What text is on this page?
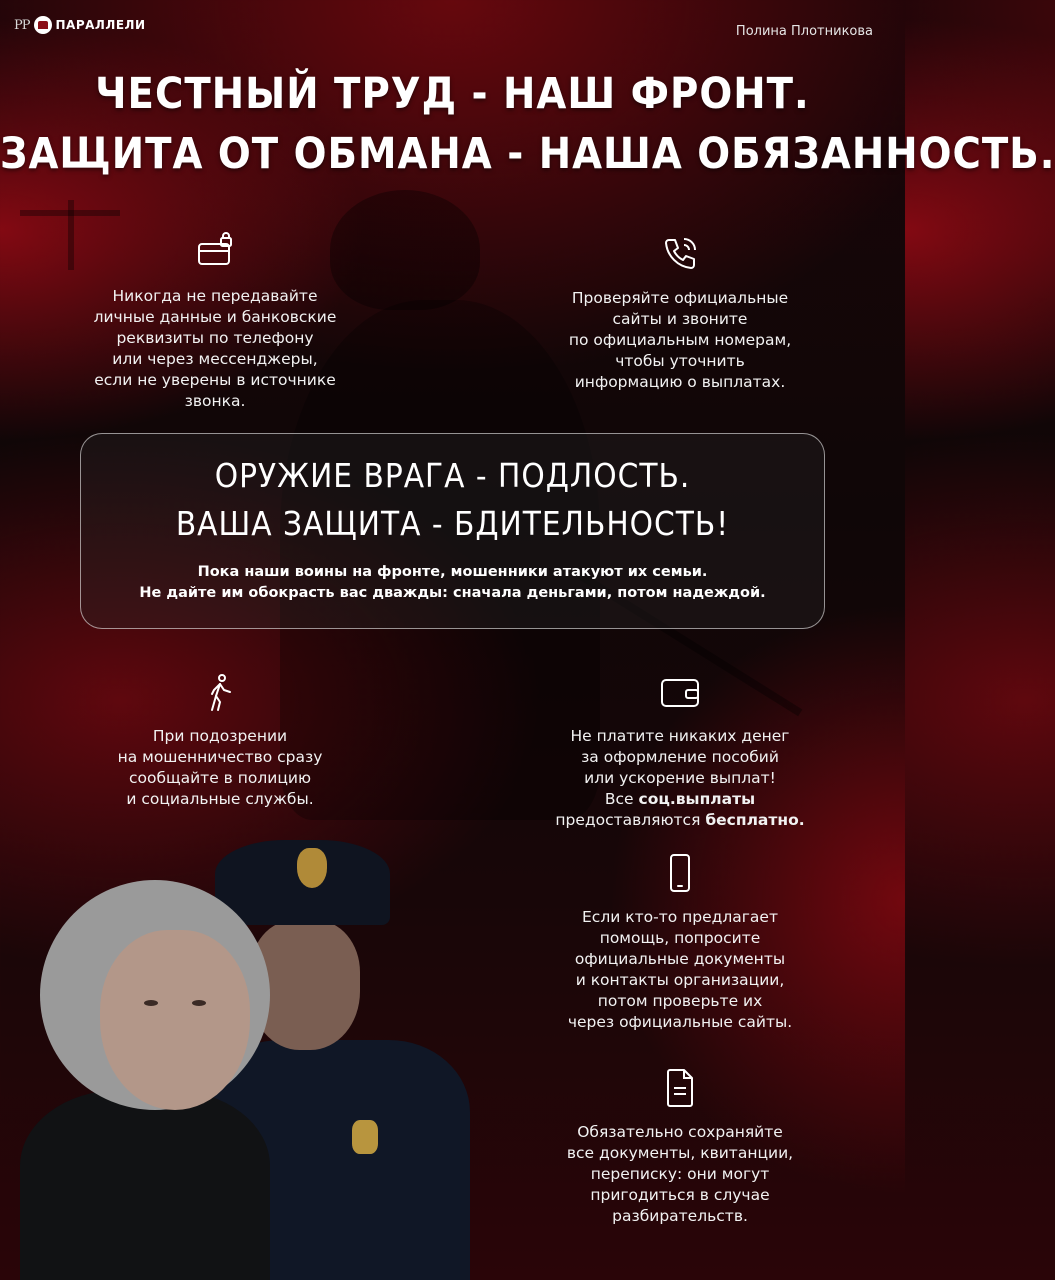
PP ПАРАЛЛЕЛИ	Полина Плотникова
ЧЕСТНЫЙ ТРУД - НАШ ФРОНТ.
ЗАЩИТА ОТ ОБМАНА - НАША ОБЯЗАННОСТЬ.

Никогда не передавайте
личные данные и банковские
реквизиты по телефону
или через мессенджеры,
если не уверены в источнике
звонка.

Проверяйте официальные
сайты и звоните
по официальным номерам,
чтобы уточнить
информацию о выплатах.

ОРУЖИЕ ВРАГА - ПОДЛОСТЬ.
ВАША ЗАЩИТА - БДИТЕЛЬНОСТЬ!
Пока наши воины на фронте, мошенники атакуют их семьи.
Не дайте им обокрасть вас дважды: сначала деньгами, потом надеждой.

При подозрении
на мошенничество сразу
сообщайте в полицию
и социальные службы.

Не платите никаких денег
за оформление пособий
или ускорение выплат!
Все соц.выплаты
предоставляются бесплатно.

Если кто-то предлагает
помощь, попросите
официальные документы
и контакты организации,
потом проверьте их
через официальные сайты.

Обязательно сохраняйте
все документы, квитанции,
переписку: они могут
пригодиться в случае
разбирательств.
